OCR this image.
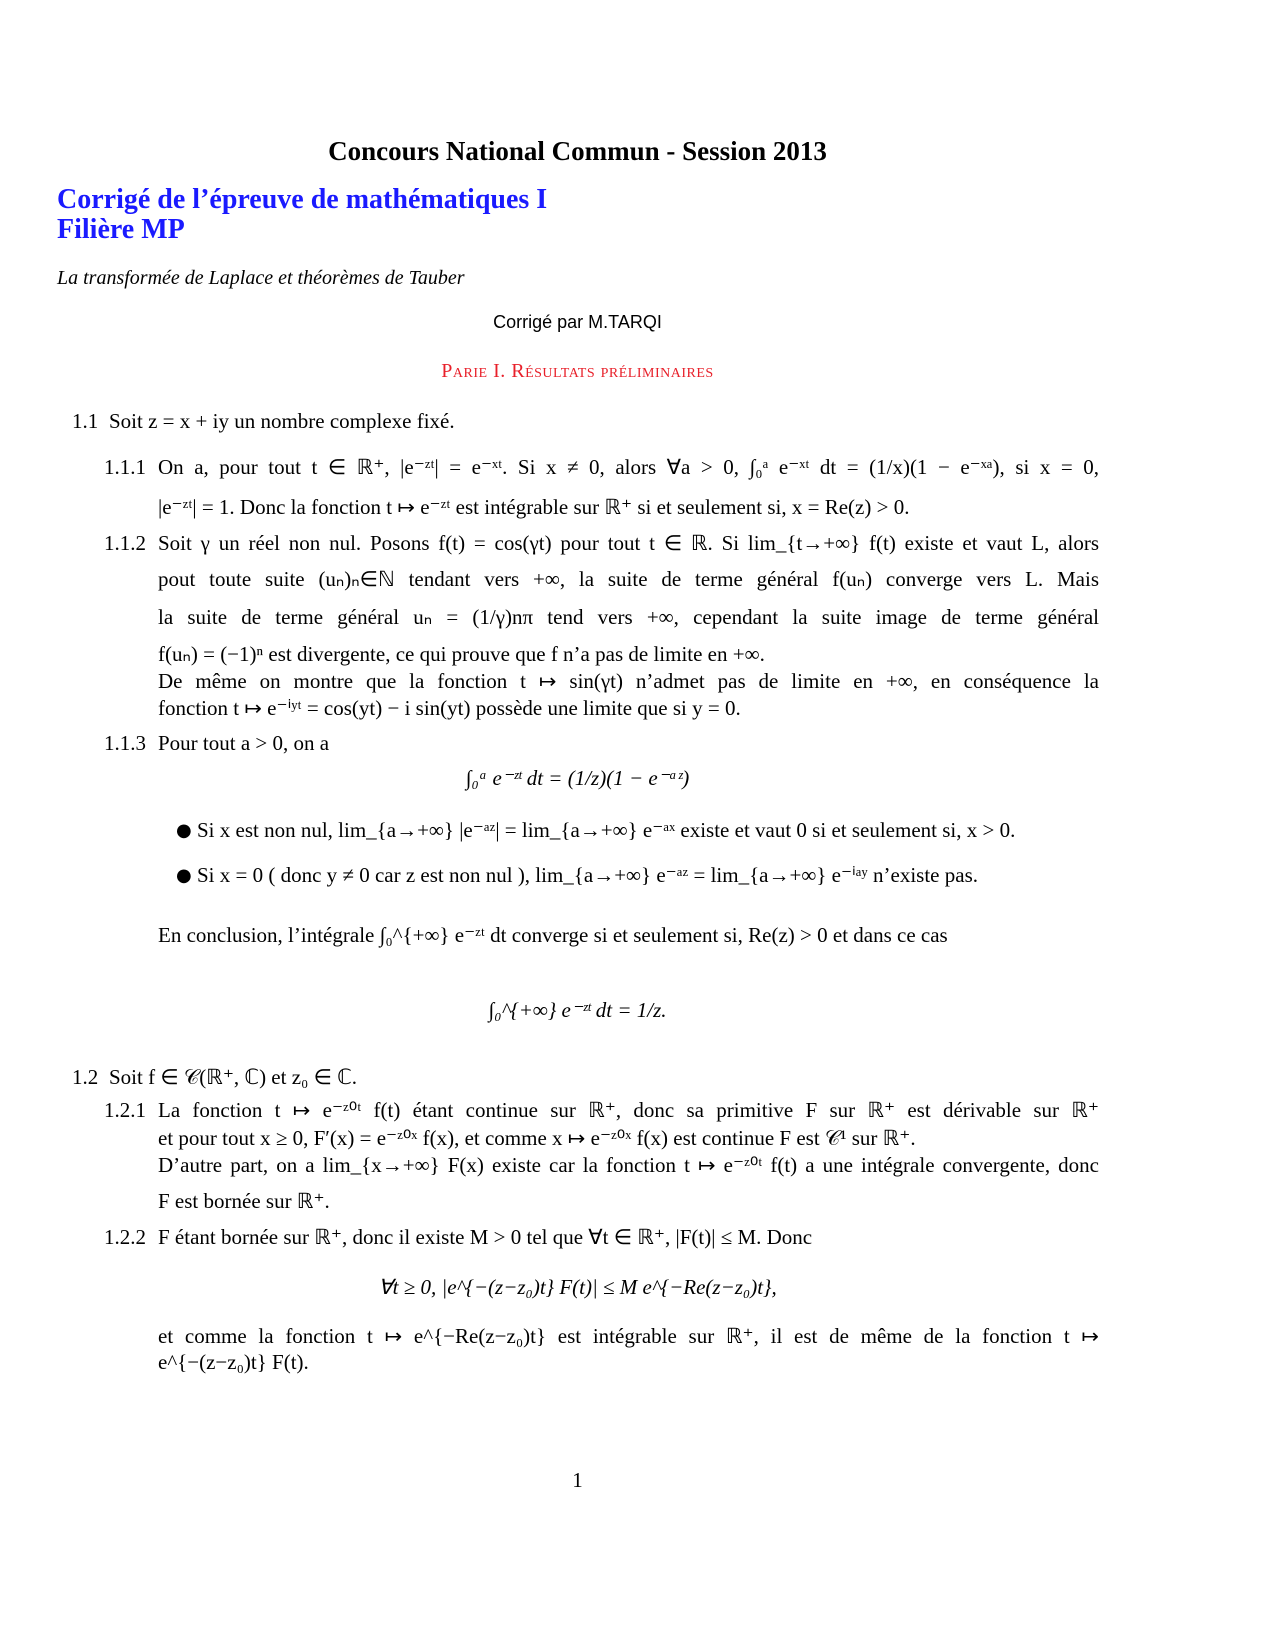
Concours National Commun - Session 2013
Corrigé de l’épreuve de mathématiques I
Filière MP
La transformée de Laplace et théorèmes de Tauber
Corrigé par M.TARQI
Parie I. Résultats préliminaires
1.1 Soit z = x + iy un nombre complexe fixé.
1.1.1 On a, pour tout t ∈ ℝ⁺, |e⁻ᶻᵗ| = e⁻ˣᵗ. Si x ≠ 0, alors ∀a > 0, ∫₀ᵃ e⁻ˣᵗ dt = (1/x)(1 − e⁻ˣᵃ), si x = 0,
|e⁻ᶻᵗ| = 1. Donc la fonction t ↦ e⁻ᶻᵗ est intégrable sur ℝ⁺ si et seulement si, x = Re(z) > 0.
1.1.2 Soit γ un réel non nul. Posons f(t) = cos(γt) pour tout t ∈ ℝ. Si lim_{t→+∞} f(t) existe et vaut L, alors
pout toute suite (uₙ)ₙ∈ℕ tendant vers +∞, la suite de terme général f(uₙ) converge vers L. Mais
la suite de terme général uₙ = (1/γ)nπ tend vers +∞, cependant la suite image de terme général
f(uₙ) = (−1)ⁿ est divergente, ce qui prouve que f n’a pas de limite en +∞.
De même on montre que la fonction t ↦ sin(γt) n’admet pas de limite en +∞, en conséquence la
fonction t ↦ e⁻ⁱʸᵗ = cos(yt) − i sin(yt) possède une limite que si y = 0.
1.1.3 Pour tout a > 0, on a
∫₀ᵃ e⁻ᶻᵗ dt = (1/z)(1 − e⁻ᵃᶻ)
● Si x est non nul, lim_{a→+∞} |e⁻ᵃᶻ| = lim_{a→+∞} e⁻ᵃˣ existe et vaut 0 si et seulement si, x > 0.
● Si x = 0 ( donc y ≠ 0 car z est non nul ), lim_{a→+∞} e⁻ᵃᶻ = lim_{a→+∞} e⁻ⁱᵃʸ n’existe pas.
En conclusion, l’intégrale ∫₀^{+∞} e⁻ᶻᵗ dt converge si et seulement si, Re(z) > 0 et dans ce cas
∫₀^{+∞} e⁻ᶻᵗ dt = 1/z.
1.2 Soit f ∈ 𝒞(ℝ⁺, ℂ) et z₀ ∈ ℂ.
1.2.1 La fonction t ↦ e⁻ᶻ⁰ᵗ f(t) étant continue sur ℝ⁺, donc sa primitive F sur ℝ⁺ est dérivable sur ℝ⁺
et pour tout x ≥ 0, F′(x) = e⁻ᶻ⁰ˣ f(x), et comme x ↦ e⁻ᶻ⁰ˣ f(x) est continue F est 𝒞¹ sur ℝ⁺.
D’autre part, on a lim_{x→+∞} F(x) existe car la fonction t ↦ e⁻ᶻ⁰ᵗ f(t) a une intégrale convergente, donc
F est bornée sur ℝ⁺.
1.2.2 F étant bornée sur ℝ⁺, donc il existe M > 0 tel que ∀t ∈ ℝ⁺, |F(t)| ≤ M. Donc
∀t ≥ 0, |e^{−(z−z₀)t} F(t)| ≤ M e^{−Re(z−z₀)t},
et comme la fonction t ↦ e^{−Re(z−z₀)t} est intégrable sur ℝ⁺, il est de même de la fonction t ↦
e^{−(z−z₀)t} F(t).
1
